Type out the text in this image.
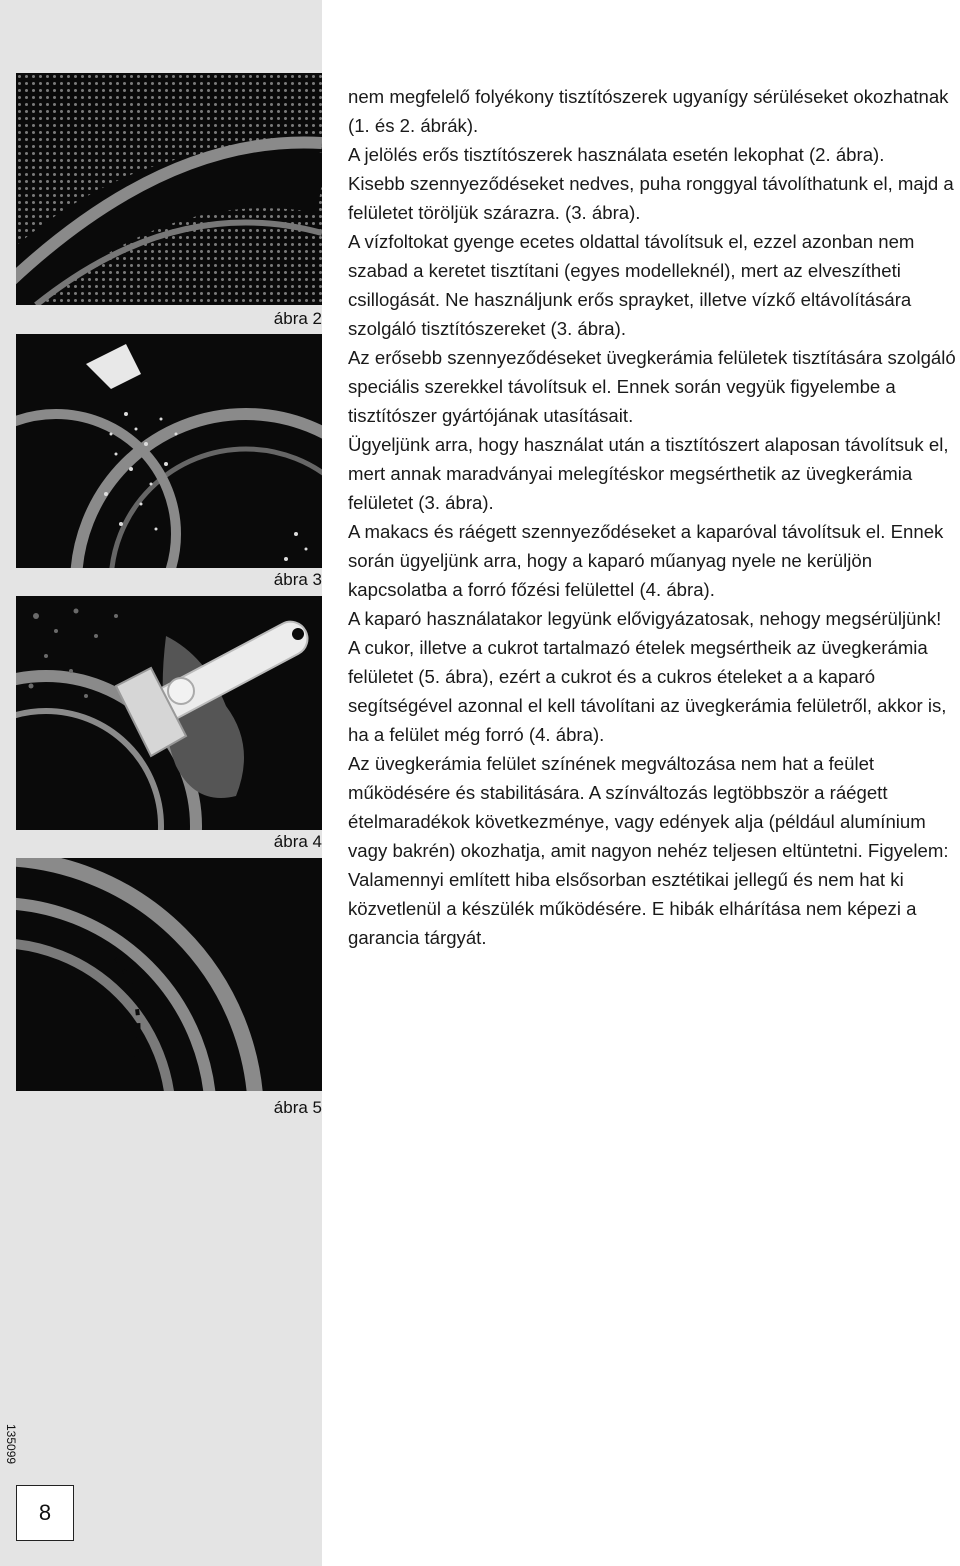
ábra 2
ábra 3
ábra 4
ábra 5
135099
8

nem megfelelő folyékony tisztítószerek ugyanígy sérüléseket okozhatnak (1. és 2. ábrák).

A jelölés erős tisztítószerek használata esetén lekophat (2. ábra).

Kisebb szennyeződéseket nedves, puha ronggyal távolíthatunk el, majd a felületet töröljük szárazra. (3. ábra).

A vízfoltokat gyenge ecetes oldattal távolítsuk el, ezzel azonban nem szabad a keretet tisztítani (egyes modelleknél), mert az elveszítheti csillogását. Ne használjunk erős sprayket, illetve vízkő eltávolítására szolgáló tisztítószereket (3. ábra).

Az erősebb szennyeződéseket üvegkerámia felületek tisztítására szolgáló speciális szerekkel távolítsuk el. Ennek során vegyük figyelembe a tisztítószer gyártójának utasításait.

Ügyeljünk arra, hogy használat után a tisztítószert alaposan távolítsuk el, mert annak maradványai melegítéskor megsérthetik az üvegkerámia felületet (3. ábra).

A makacs és ráégett szennyeződéseket a kaparóval távolítsuk el. Ennek során ügyeljünk arra, hogy a kaparó műanyag nyele ne kerüljön kapcsolatba a forró főzési felülettel (4. ábra).

A kaparó használatakor legyünk elővigyázatosak, nehogy megsérüljünk!

A cukor, illetve a cukrot tartalmazó ételek megsértheik az üvegkerámia felületet (5. ábra), ezért a cukrot és a cukros ételeket a a kaparó segítségével azonnal el kell távolítani az üvegkerámia felületről, akkor is, ha a felület még forró (4. ábra).

Az üvegkerámia felület színének megváltozása nem hat a feület működésére és stabilitására. A színváltozás legtöbbször a ráégett ételmaradékok következménye, vagy edények alja (például alumínium vagy bakrén) okozhatja, amit nagyon nehéz teljesen eltüntetni. Figyelem: Valamennyi említett hiba elsősorban esztétikai jellegű és nem hat ki közvetlenül a készülék működésére. E hibák elhárítása nem képezi a garancia tárgyát.
